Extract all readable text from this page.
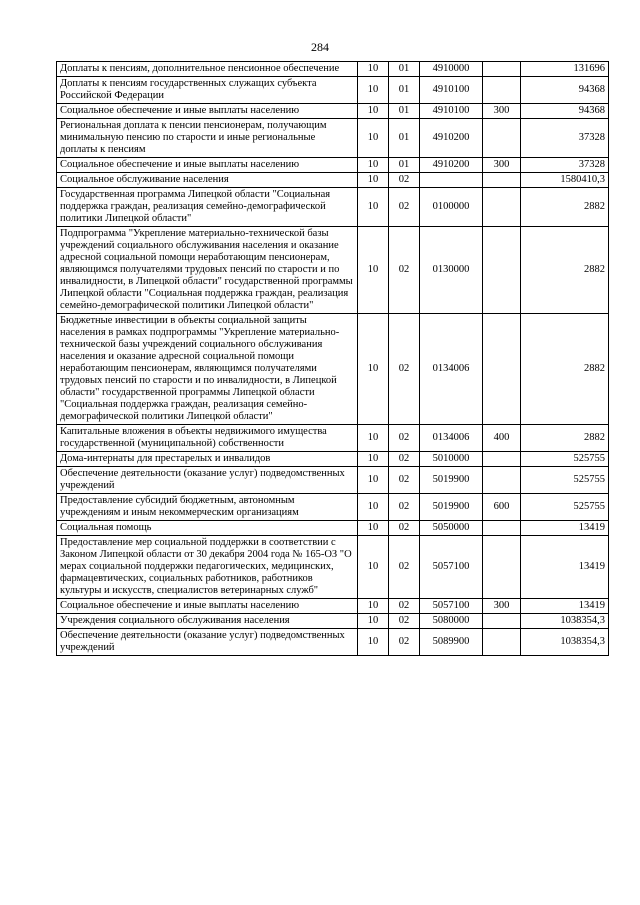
284
Доплаты к пенсиям, дополнительное пенсионное обеспечение	10	01	4910000		131696
Доплаты к пенсиям государственных служащих субъекта Российской Федерации	10	01	4910100		94368
Социальное обеспечение и иные выплаты населению	10	01	4910100	300	94368
Региональная доплата к пенсии пенсионерам, получающим минимальную пенсию по старости и иные региональные доплаты к пенсиям	10	01	4910200		37328
Социальное обеспечение и иные выплаты населению	10	01	4910200	300	37328
Социальное обслуживание населения	10	02			1580410,3
Государственная программа Липецкой области "Социальная поддержка граждан, реализация семейно-демографической политики Липецкой области"	10	02	0100000		2882
Подпрограмма "Укрепление материально-технической базы учреждений социального обслуживания населения и оказание адресной социальной помощи неработающим пенсионерам, являющимся получателями трудовых пенсий по старости и по инвалидности, в Липецкой области" государственной программы Липецкой области "Социальная поддержка граждан, реализация семейно-демографической политики Липецкой области"	10	02	0130000		2882
Бюджетные инвестиции в объекты социальной защиты населения в рамках подпрограммы "Укрепление материально-технической базы учреждений социального обслуживания населения и оказание адресной социальной помощи неработающим пенсионерам, являющимся получателями трудовых пенсий по старости и по инвалидности, в Липецкой области" государственной программы Липецкой области "Социальная поддержка граждан, реализация семейно-демографической политики Липецкой области"	10	02	0134006		2882
Капитальные вложения в объекты недвижимого имущества государственной (муниципальной) собственности	10	02	0134006	400	2882
Дома-интернаты для престарелых и инвалидов	10	02	5010000		525755
Обеспечение деятельности (оказание услуг) подведомственных учреждений	10	02	5019900		525755
Предоставление субсидий бюджетным, автономным учреждениям и иным некоммерческим организациям	10	02	5019900	600	525755
Социальная помощь	10	02	5050000		13419
Предоставление мер социальной поддержки в соответствии с Законом Липецкой области от 30 декабря 2004 года № 165-ОЗ "О мерах социальной поддержки педагогических, медицинских, фармацевтических, социальных работников, работников культуры и искусств, специалистов ветеринарных служб"	10	02	5057100		13419
Социальное обеспечение и иные выплаты населению	10	02	5057100	300	13419
Учреждения социального обслуживания населения	10	02	5080000		1038354,3
Обеспечение деятельности (оказание услуг) подведомственных учреждений	10	02	5089900		1038354,3
